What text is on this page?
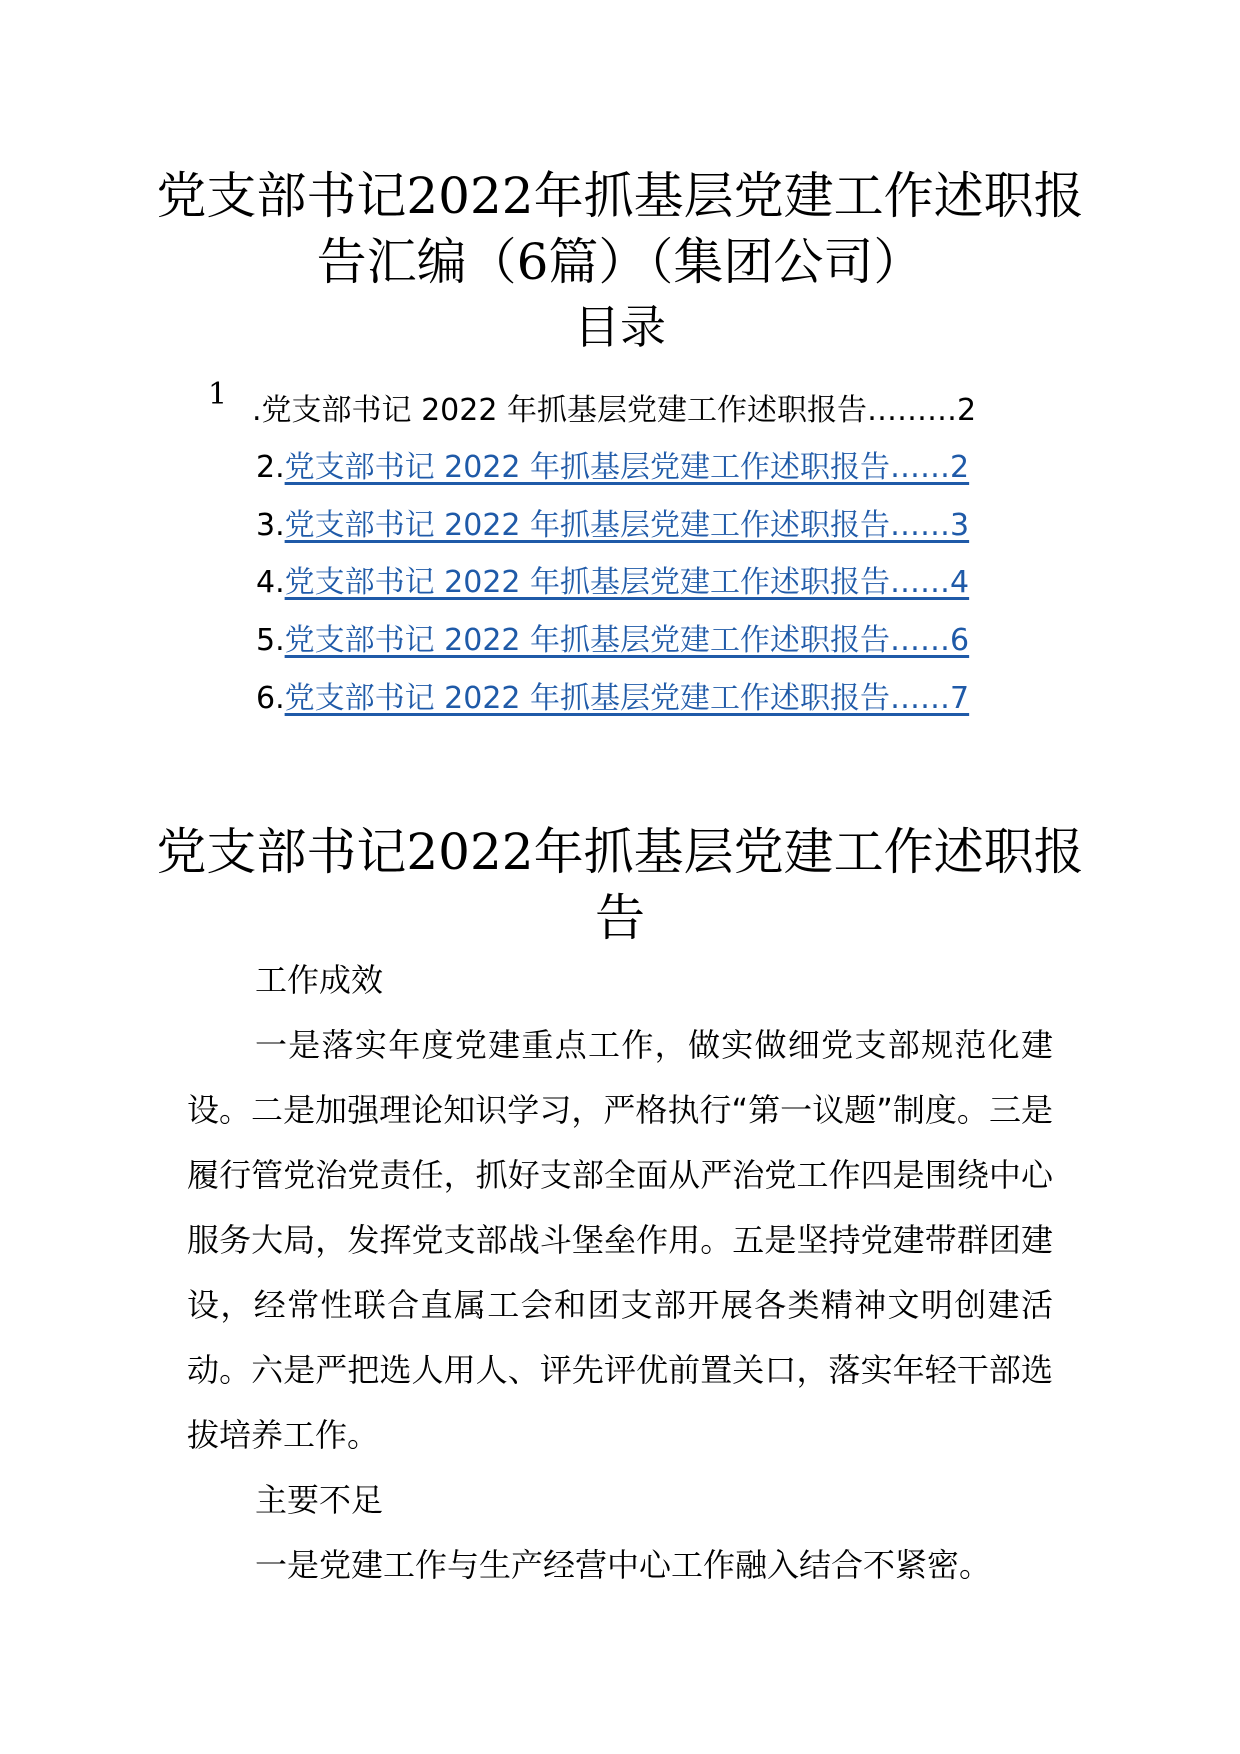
党支部书记2022年抓基层党建工作述职报
告汇编（6篇）（集团公司）
目录
1 .党支部书记 2022 年抓基层党建工作述职报告………2
2.党支部书记 2022 年抓基层党建工作述职报告……2
3.党支部书记 2022 年抓基层党建工作述职报告……3
4.党支部书记 2022 年抓基层党建工作述职报告……4
5.党支部书记 2022 年抓基层党建工作述职报告……6
6.党支部书记 2022 年抓基层党建工作述职报告……7
党支部书记2022年抓基层党建工作述职报
告

工作成效

一是落实年度党建重点工作，做实做细党支部规范化建设。二是加强理论知识学习，严格执行“第一议题”制度。三是履行管党治党责任，抓好支部全面从严治党工作四是围绕中心服务大局，发挥党支部战斗堡垒作用。五是坚持党建带群团建设，经常性联合直属工会和团支部开展各类精神文明创建活动。六是严把选人用人、评先评优前置关口，落实年轻干部选拔培养工作。

主要不足

一是党建工作与生产经营中心工作融入结合不紧密。
